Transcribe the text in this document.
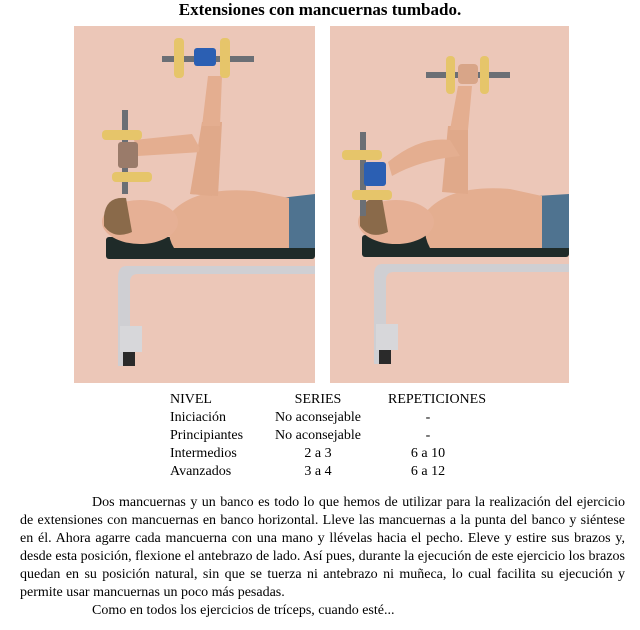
Extensiones con mancuernas tumbado.
NIVEL	SERIES	REPETICIONES
Iniciación	No aconsejable	-
Principiantes	No aconsejable	-
Intermedios	2 a 3	6 a 10
Avanzados	3 a 4	6 a 12

Dos mancuernas y un banco es todo lo que hemos de utilizar para la realización del ejercicio de extensiones con mancuernas en banco horizontal. Lleve las mancuernas a la punta del banco y siéntese en él. Ahora agarre cada mancuerna con una mano y llévelas hacia el pecho. Eleve y estire sus brazos y, desde esta posición, flexione el antebrazo de lado. Así pues, durante la ejecución de este ejercicio los brazos quedan en su posición natural, sin que se tuerza ni antebrazo ni muñeca, lo cual facilita su ejecución y permite usar mancuernas un poco más pesadas.

Como en todos los ejercicios de tríceps, cuando esté...
